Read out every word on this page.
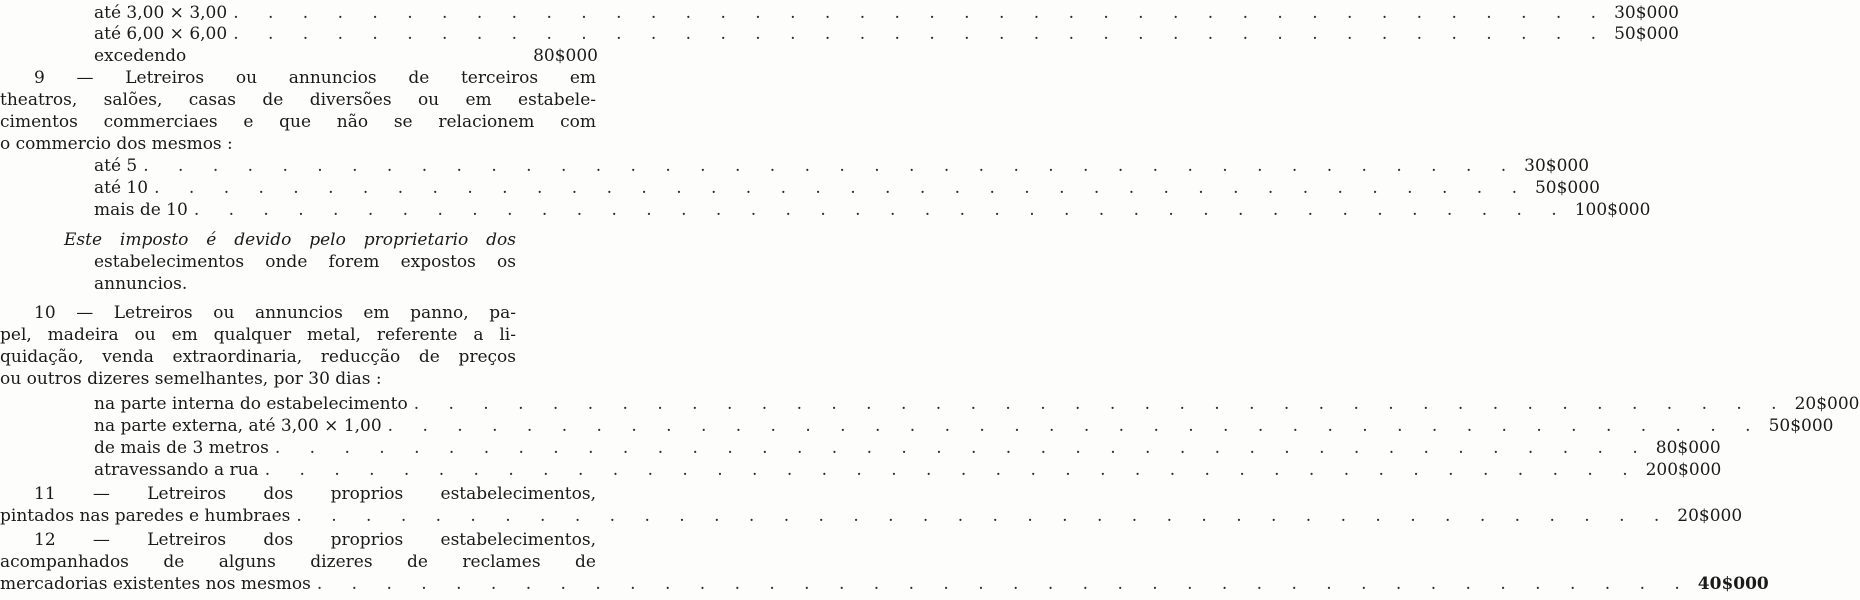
até 3,00 ⨯ 3,00 . . . . . . . . . . . . . . . . . . . . . . . . . . . . . . . . . . . . . . . . 30$000
até 6,00 ⨯ 6,00 . . . . . . . . . . . . . . . . . . . . . . . . . . . . . . . . . . . . . . . . 50$000
excedendo	80$000
9 — Letreiros ou annuncios de terceiros em
theatros, salões, casas de diversões ou em estabele-
cimentos commerciaes e que não se relacionem com
o commercio dos mesmos :
até 5 . . . . . . . . . . . . . . . . . . . . . . . . . . . . . . . . . . . . . . . . 30$000
até 10 . . . . . . . . . . . . . . . . . . . . . . . . . . . . . . . . . . . . . . . . 50$000
mais de 10 . . . . . . . . . . . . . . . . . . . . . . . . . . . . . . . . . . . . . . . . 100$000
Este imposto é devido pelo proprietario dos
estabelecimentos onde forem expostos os
annuncios.
10 — Letreiros ou annuncios em panno, pa-
pel, madeira ou em qualquer metal, referente a li-
quidação, venda extraordinaria, reducção de preços
ou outros dizeres semelhantes, por 30 dias :
na parte interna do estabelecimento . . . . . . . . . . . . . . . . . . . . . . . . . . . . . . . . . . . . . . . . 20$000
na parte externa, até 3,00 ⨯ 1,00 . . . . . . . . . . . . . . . . . . . . . . . . . . . . . . . . . . . . . . . . 50$000
de mais de 3 metros . . . . . . . . . . . . . . . . . . . . . . . . . . . . . . . . . . . . . . . . 80$000
atravessando a rua . . . . . . . . . . . . . . . . . . . . . . . . . . . . . . . . . . . . . . . . 200$000
11 — Letreiros dos proprios estabelecimentos,
pintados nas paredes e humbraes . . . . . . . . . . . . . . . . . . . . . . . . . . . . . . . . . . . . . . . . 20$000
12 — Letreiros dos proprios estabelecimentos,
acompanhados de alguns dizeres de reclames de
mercadorias existentes nos mesmos . . . . . . . . . . . . . . . . . . . . . . . . . . . . . . . . . . . . . . . . 40$000
